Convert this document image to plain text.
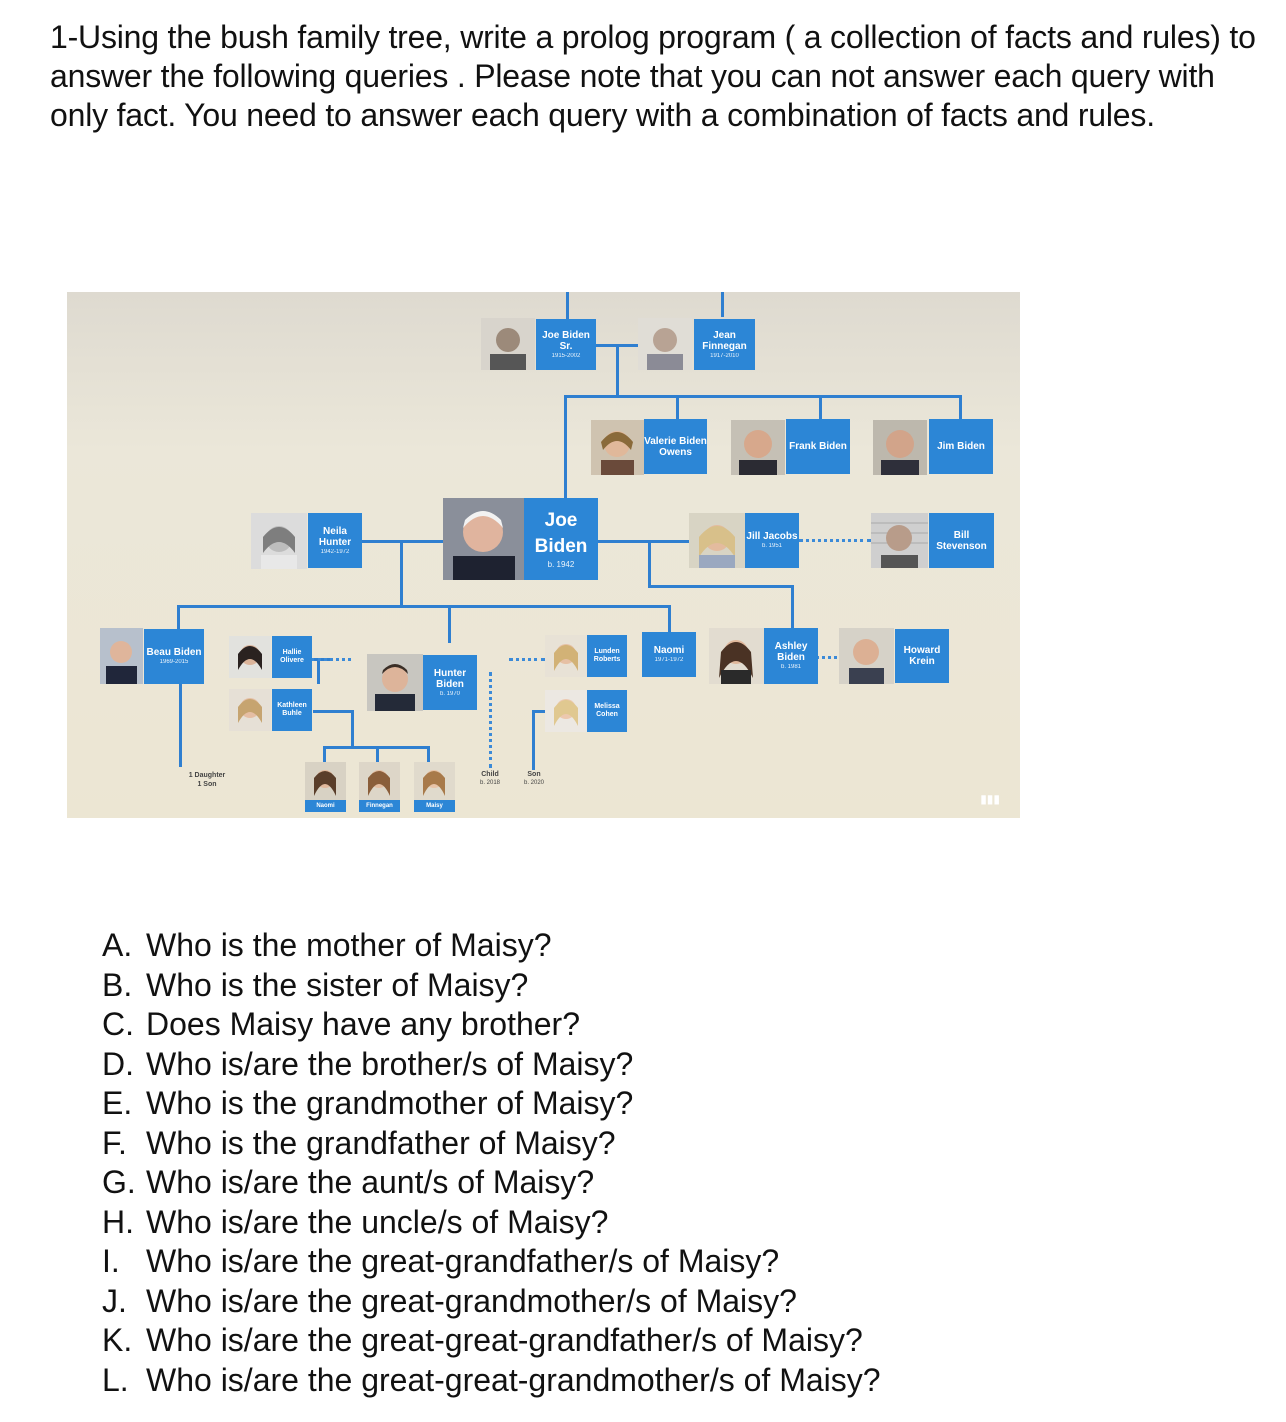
1-Using the bush family tree, write a prolog program ( a collection of facts and rules) to answer the following queries . Please note that you can not answer each query with only fact. You need to answer each query with a combination of facts and rules.

Joe Biden Sr.
1915-2002
Jean Finnegan
1917-2010
Valerie Biden Owens	Frank Biden	Jim Biden
Neila Hunter
1942-1972
Joe
Biden
b. 1942
Jill Jacobs
b. 1951
Bill Stevenson
Beau Biden
1969-2015
Hallie Olivere
Kathleen Buhle
Hunter Biden
b. 1970
Lunden Roberts
Melissa Cohen
Naomi
1971-1972
Ashley Biden
b. 1981
Howard Krein
1 Daughter
1 Son
Naomi	Finnegan	Maisy
Child
b. 2018
Son
b. 2020
▮▮▮
A. Who is the mother of Maisy?
B. Who is the sister of Maisy?
C. Does Maisy have any brother?
D. Who is/are the brother/s of Maisy?
E. Who is the grandmother of Maisy?
F. Who is the grandfather of Maisy?
G. Who is/are the aunt/s of Maisy?
H. Who is/are the uncle/s of Maisy?
I. Who is/are the great-grandfather/s of Maisy?
J. Who is/are the great-grandmother/s of Maisy?
K. Who is/are the great-great-grandfather/s of Maisy?
L. Who is/are the great-great-grandmother/s of Maisy?
